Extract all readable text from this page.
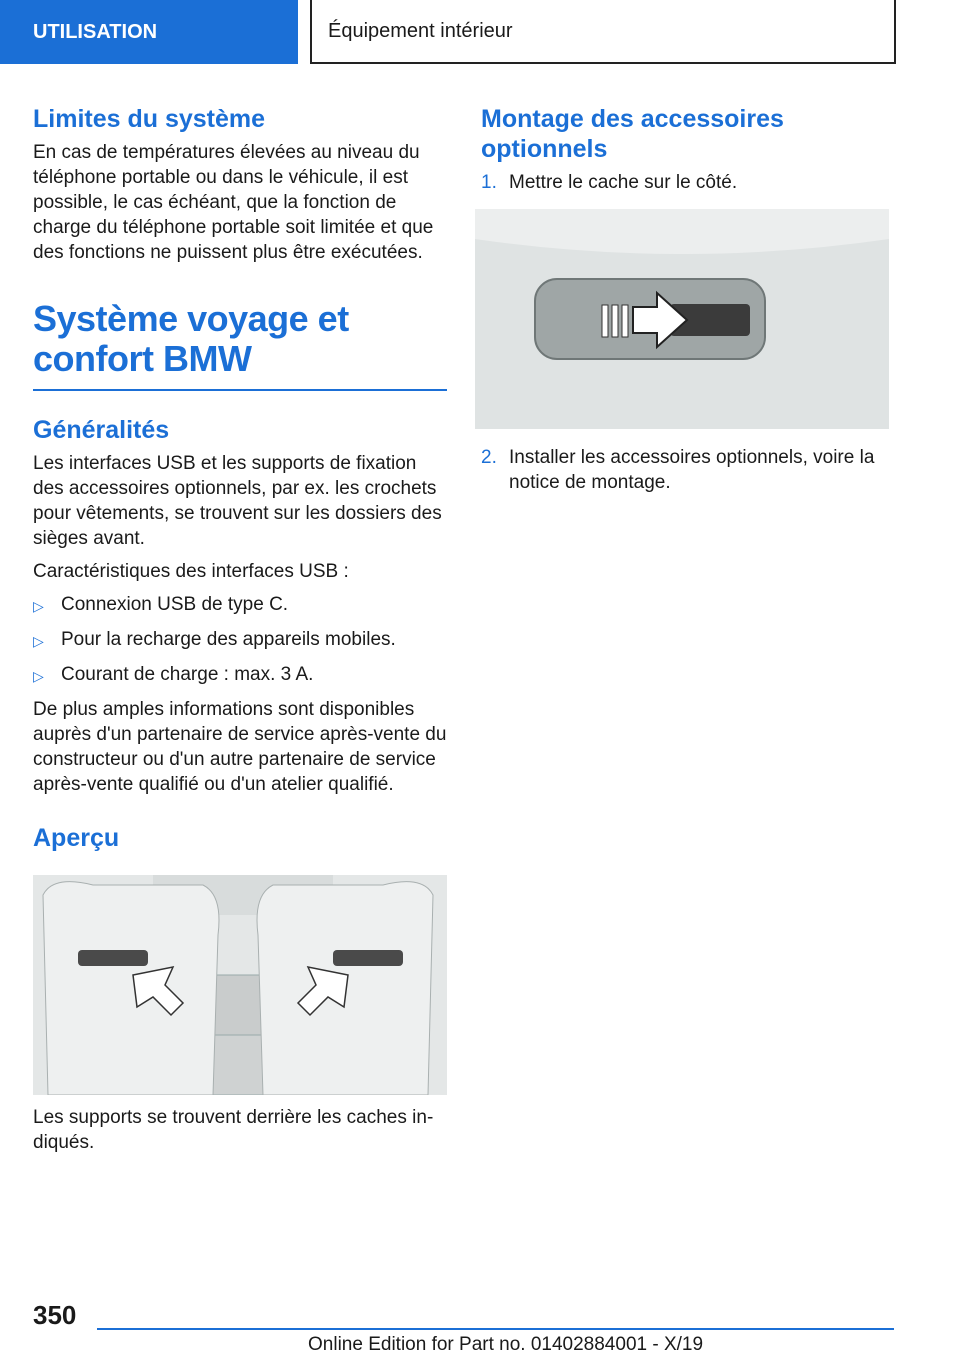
UTILISATION	Équipement intérieur
Limites du système

En cas de températures élevées au niveau du téléphone portable ou dans le véhicule, il est possible, le cas échéant, que la fonction de charge du téléphone portable soit limitée et que des fonctions ne puissent plus être exécutées.

Système voyage et confort BMW
Généralités

Les interfaces USB et les supports de fixation des accessoires optionnels, par ex. les crochets pour vêtements, se trouvent sur les dossiers des sièges avant.

Caractéristiques des interfaces USB :

▷ Connexion USB de type C.
▷ Pour la recharge des appareils mobiles.
▷ Courant de charge : max. 3 A.

De plus amples informations sont disponibles auprès d'un partenaire de service après-vente du constructeur ou d'un autre partenaire de service après-vente qualifié ou d'un atelier qualifié.

Aperçu

Les supports se trouvent derrière les caches indiqués.

Montage des accessoires optionnels
1. Mettre le cache sur le côté.
2. Installer les accessoires optionnels, voire la notice de montage.
350
Online Edition for Part no. 01402884001 - X/19
